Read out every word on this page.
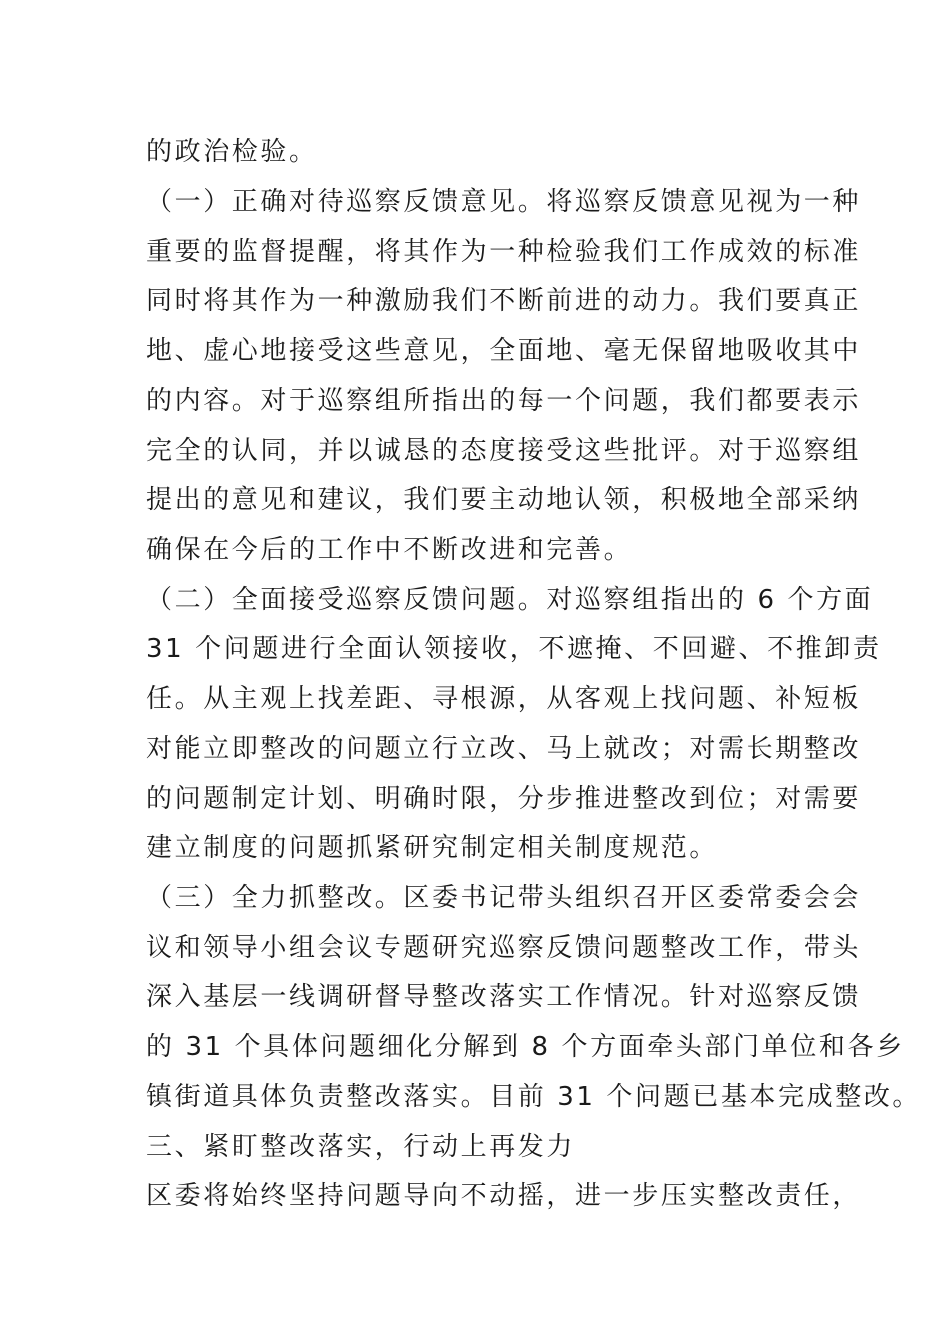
的政治检验。
（一）正确对待巡察反馈意见。将巡察反馈意见视为一种
重要的监督提醒，将其作为一种检验我们工作成效的标准
同时将其作为一种激励我们不断前进的动力。我们要真正
地、虚心地接受这些意见，全面地、毫无保留地吸收其中
的内容。对于巡察组所指出的每一个问题，我们都要表示
完全的认同，并以诚恳的态度接受这些批评。对于巡察组
提出的意见和建议，我们要主动地认领，积极地全部采纳
确保在今后的工作中不断改进和完善。
（二）全面接受巡察反馈问题。对巡察组指出的 6 个方面
31 个问题进行全面认领接收，不遮掩、不回避、不推卸责
任。从主观上找差距、寻根源，从客观上找问题、补短板
对能立即整改的问题立行立改、马上就改；对需长期整改
的问题制定计划、明确时限，分步推进整改到位；对需要
建立制度的问题抓紧研究制定相关制度规范。
（三）全力抓整改。区委书记带头组织召开区委常委会会
议和领导小组会议专题研究巡察反馈问题整改工作，带头
深入基层一线调研督导整改落实工作情况。针对巡察反馈
的 31 个具体问题细化分解到 8 个方面牵头部门单位和各乡
镇街道具体负责整改落实。目前 31 个问题已基本完成整改。
三、紧盯整改落实，行动上再发力
区委将始终坚持问题导向不动摇，进一步压实整改责任，
